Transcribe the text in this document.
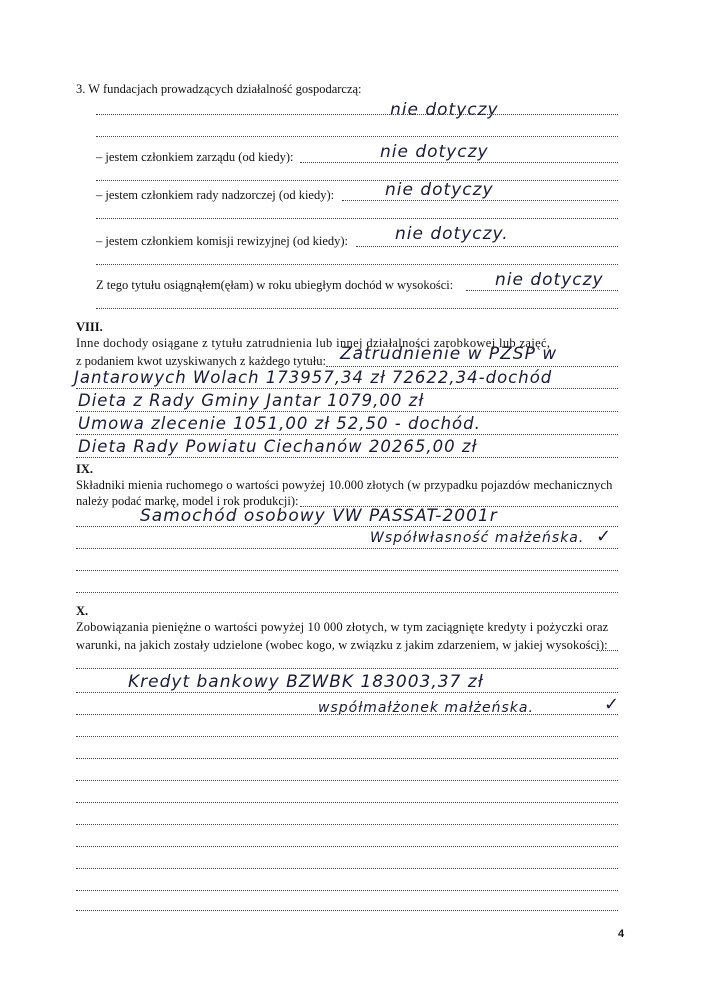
3. W fundacjach prowadzących działalność gospodarczą:
nie dotyczy
– jestem członkiem zarządu (od kiedy):	nie dotyczy
– jestem członkiem rady nadzorczej (od kiedy):	nie dotyczy
– jestem członkiem komisji rewizyjnej (od kiedy):	nie dotyczy.
Z tego tytułu osiągnąłem(ęłam) w roku ubiegłym dochód w wysokości: nie dotyczy
VIII.
Inne dochody osiągane z tytułu zatrudnienia lub innej działalności zarobkowej lub zajęć,
z podaniem kwot uzyskiwanych z każdego tytułu: Zatrudnienie w PZSP w
Jantarowych Wolach 173957,34 zł 72622,34-dochód
Dieta z Rady Gminy Jantar 1079,00 zł
Umowa zlecenie 1051,00 zł 52,50 - dochód.
Dieta Rady Powiatu Ciechanów 20265,00 zł
IX.
Składniki mienia ruchomego o wartości powyżej 10.000 złotych (w przypadku pojazdów mechanicznych
należy podać markę, model i rok produkcji):
Samochód osobowy VW PASSAT-2001r
Współwłasność małżeńska. ✓
X.
Zobowiązania pieniężne o wartości powyżej 10 000 złotych, w tym zaciągnięte kredyty i pożyczki oraz
warunki, na jakich zostały udzielone (wobec kogo, w związku z jakim zdarzeniem, w jakiej wysokości):
Kredyt bankowy BZWBK 183003,37 zł
współmałżonek małżeńska.	✓
4
